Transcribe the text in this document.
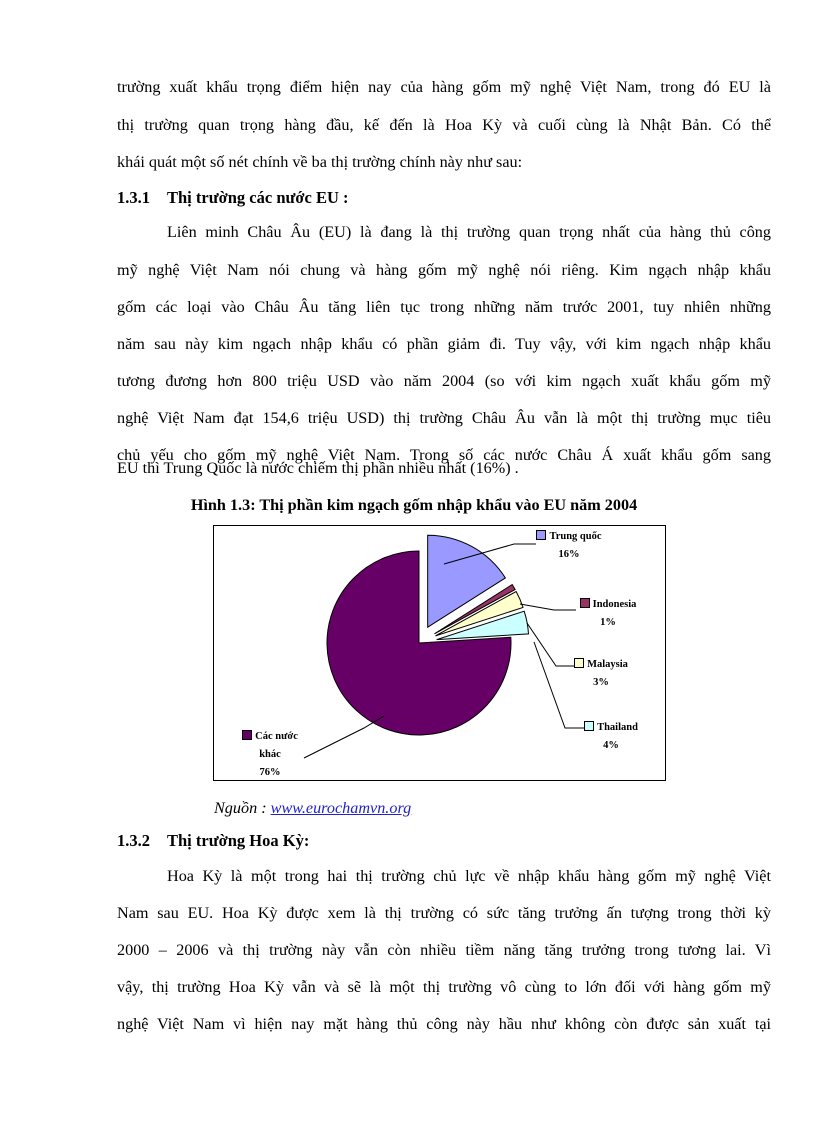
trường xuất khẩu trọng điểm hiện nay của hàng gốm mỹ nghệ Việt Nam, trong đó EU là
thị trường quan trọng hàng đầu, kế đến là Hoa Kỳ và cuối cùng là Nhật Bản. Có thể
khái quát một số nét chính về ba thị trường chính này như sau:
1.3.1 Thị trường các nước EU :
Liên minh Châu Âu (EU) là đang là thị trường quan trọng nhất của hàng thủ công
mỹ nghệ Việt Nam nói chung và hàng gốm mỹ nghệ nói riêng. Kim ngạch nhập khẩu
gốm các loại vào Châu Âu tăng liên tục trong những năm trước 2001, tuy nhiên những
năm sau này kim ngạch nhập khẩu có phần giảm đi. Tuy vậy, với kim ngạch nhập khẩu
tương đương hơn 800 triệu USD vào năm 2004 (so với kim ngạch xuất khẩu gốm mỹ
nghệ Việt Nam đạt 154,6 triệu USD) thị trường Châu Âu vẫn là một thị trường mục tiêu
chủ yếu cho gốm mỹ nghệ Việt Nam. Trong số các nước Châu Á xuất khẩu gốm sang
EU thì Trung Quốc là nước chiếm thị phần nhiều nhất (16%) .
Hình 1.3: Thị phần kim ngạch gốm nhập khẩu vào EU năm 2004
Trung quốc
16%
Indonesia
1%
Malaysia
3%
Thailand
4%
Các nước
khác
76%
Nguồn : www.eurochamvn.org
1.3.2 Thị trường Hoa Kỳ:
Hoa Kỳ là một trong hai thị trường chủ lực về nhập khẩu hàng gốm mỹ nghệ Việt
Nam sau EU. Hoa Kỳ được xem là thị trường có sức tăng trưởng ấn tượng trong thời kỳ
2000 – 2006 và thị trường này vẫn còn nhiều tiềm năng tăng trưởng trong tương lai. Vì
vậy, thị trường Hoa Kỳ vẫn và sẽ là một thị trường vô cùng to lớn đối với hàng gốm mỹ
nghệ Việt Nam vì hiện nay mặt hàng thủ công này hầu như không còn được sản xuất tại
